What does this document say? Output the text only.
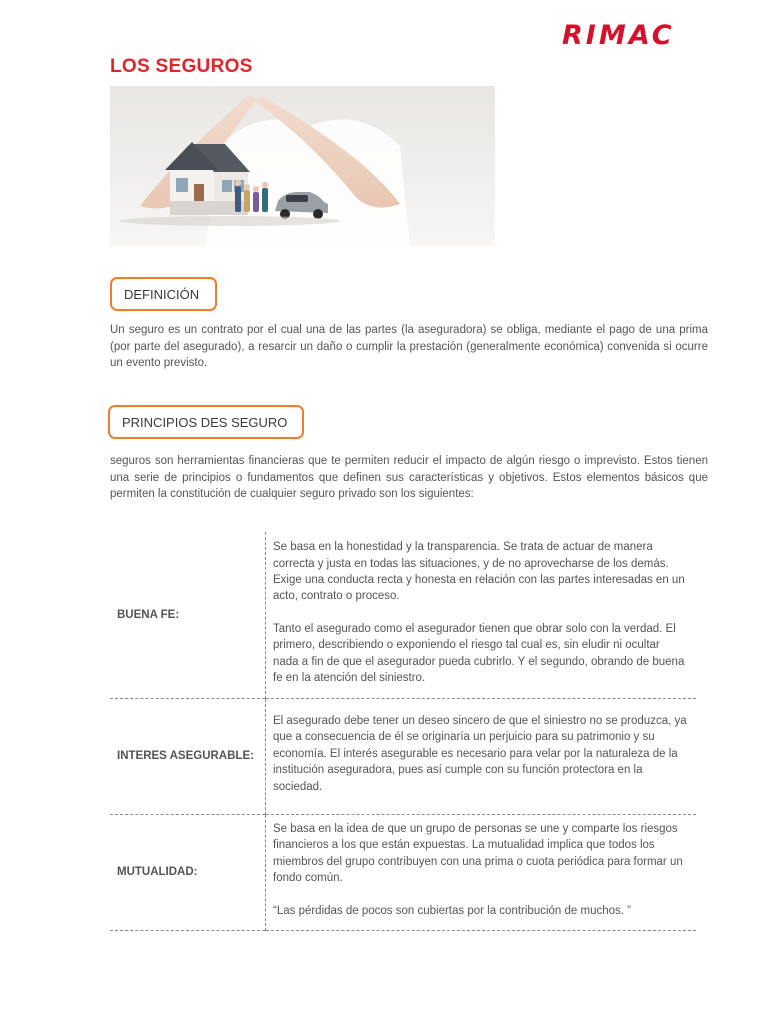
RIMAC
LOS SEGUROS
DEFINICIÓN
Un seguro es un contrato por el cual una de las partes (la aseguradora) se obliga, mediante el pago de una prima (por parte del asegurado), a resarcir un daño o cumplir la prestación (generalmente económica) convenida si ocurre un evento previsto.
PRINCIPIOS DES SEGURO
seguros son herramientas financieras que te permiten reducir el impacto de algún riesgo o imprevisto. Estos tienen una serie de principios o fundamentos que definen sus características y objetivos. Estos elementos básicos que permiten la constitución de cualquier seguro privado son los siguientes:
BUENA FE:	Se basa en la honestidad y la transparencia. Se trata de actuar de manera correcta y justa en todas las situaciones, y de no aprovecharse de los demás. Exige una conducta recta y honesta en relación con las partes interesadas en un acto, contrato o proceso.

Tanto el asegurado como el asegurador tienen que obrar solo con la verdad. El primero, describiendo o exponiendo el riesgo tal cual es, sin eludir ni ocultar nada a fin de que el asegurador pueda cubrirlo. Y el segundo, obrando de buena fe en la atención del siniestro.

INTERES ASEGURABLE:	El asegurado debe tener un deseo sincero de que el siniestro no se produzca, ya que a consecuencia de él se originaría un perjuicio para su patrimonio y su economía. El interés asegurable es necesario para velar por la naturaleza de la institución aseguradora, pues así cumple con su función protectora en la sociedad.

MUTUALIDAD:	Se basa en la idea de que un grupo de personas se une y comparte los riesgos financieros a los que están expuestas. La mutualidad implica que todos los miembros del grupo contribuyen con una prima o cuota periódica para formar un fondo común.

“Las pérdidas de pocos son cubiertas por la contribución de muchos. ”
